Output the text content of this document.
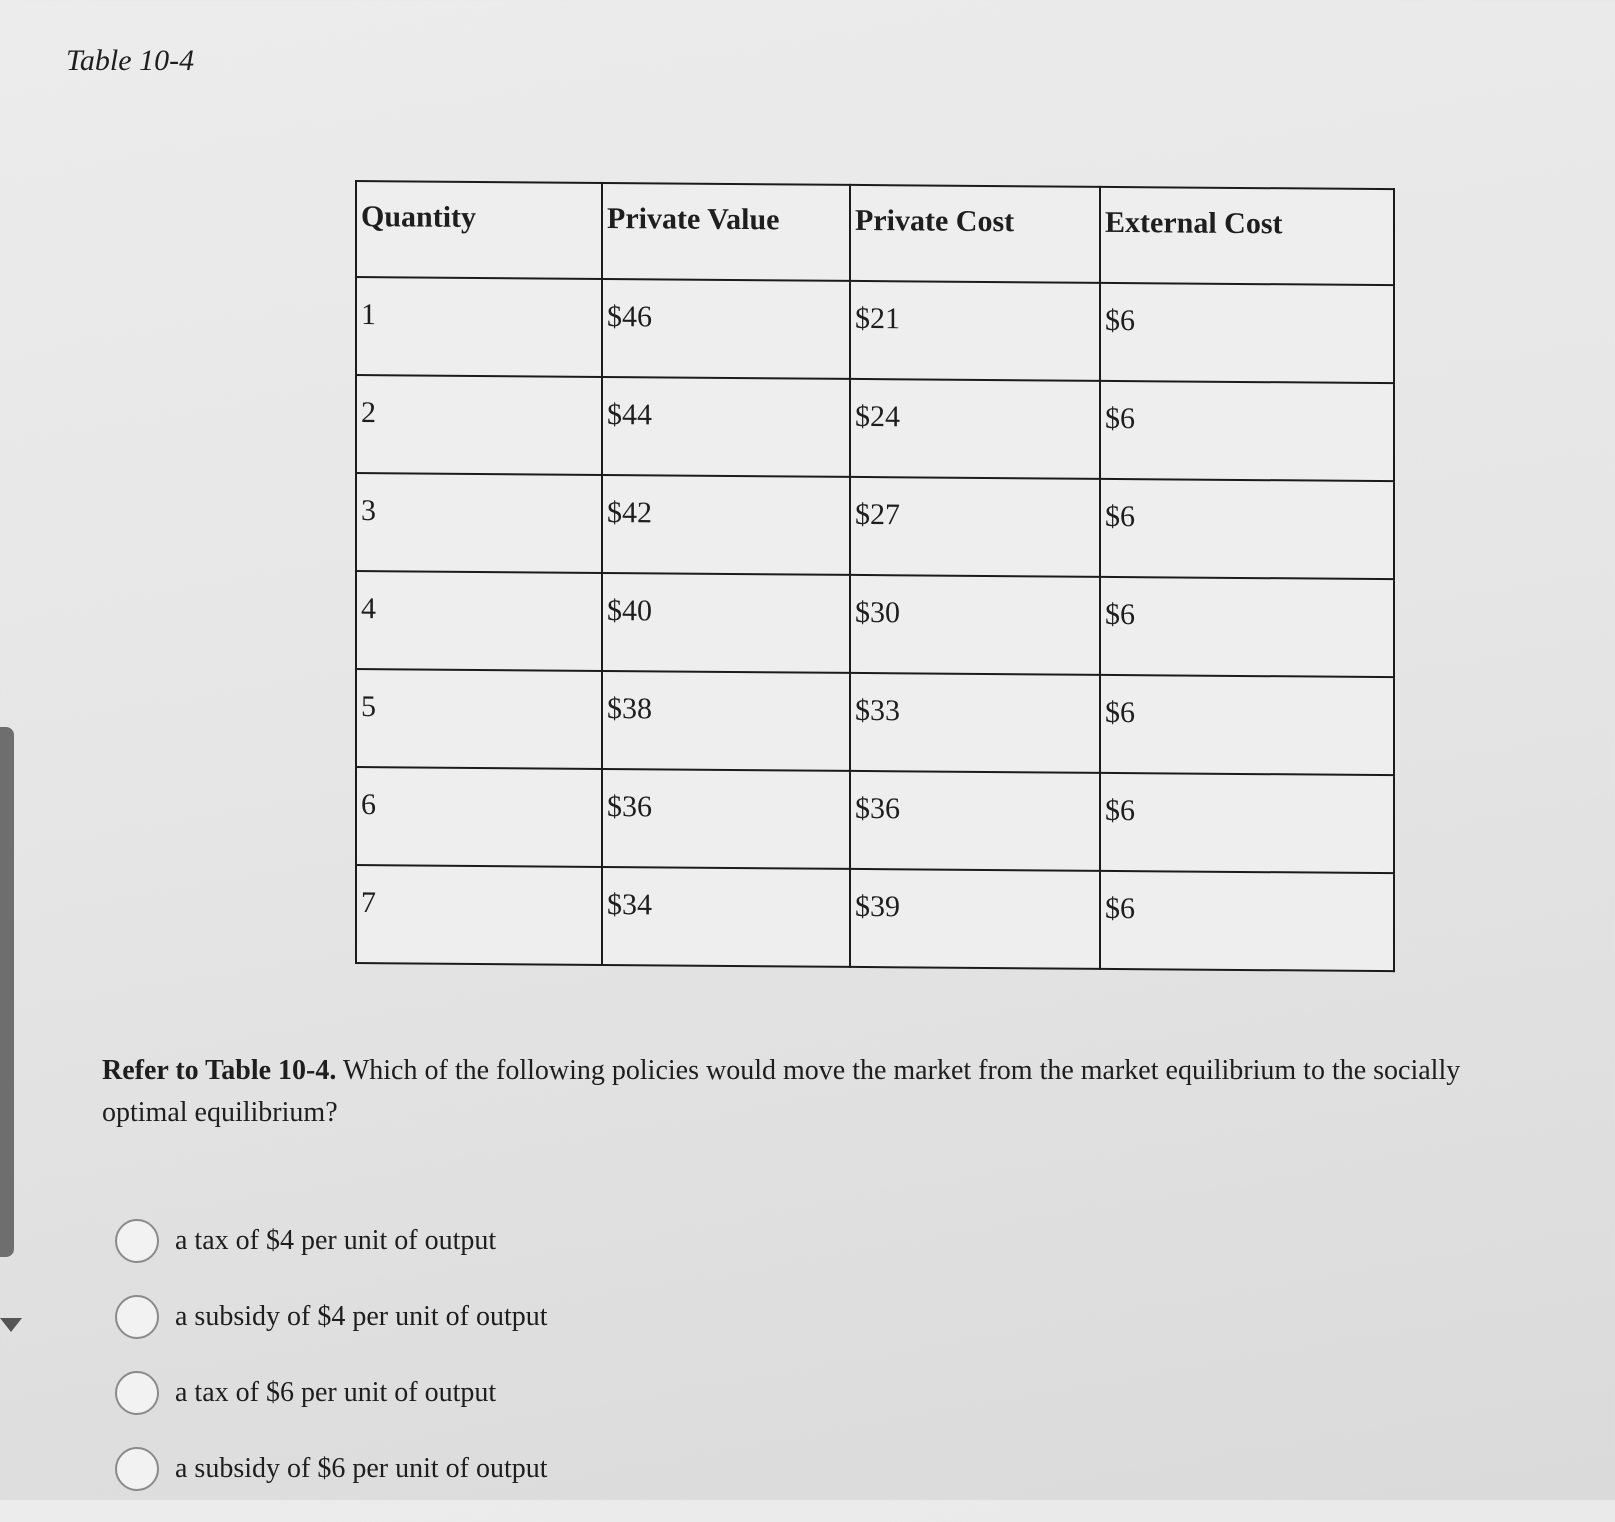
Table 10-4
Quantity	Private Value	Private Cost	External Cost
1	$46	$21	$6
2	$44	$24	$6
3	$42	$27	$6
4	$40	$30	$6
5	$38	$33	$6
6	$36	$36	$6
7	$34	$39	$6

Refer to Table 10-4. Which of the following policies would move the market from the market equilibrium to the socially optimal equilibrium?

a tax of $4 per unit of output
a subsidy of $4 per unit of output
a tax of $6 per unit of output
a subsidy of $6 per unit of output
